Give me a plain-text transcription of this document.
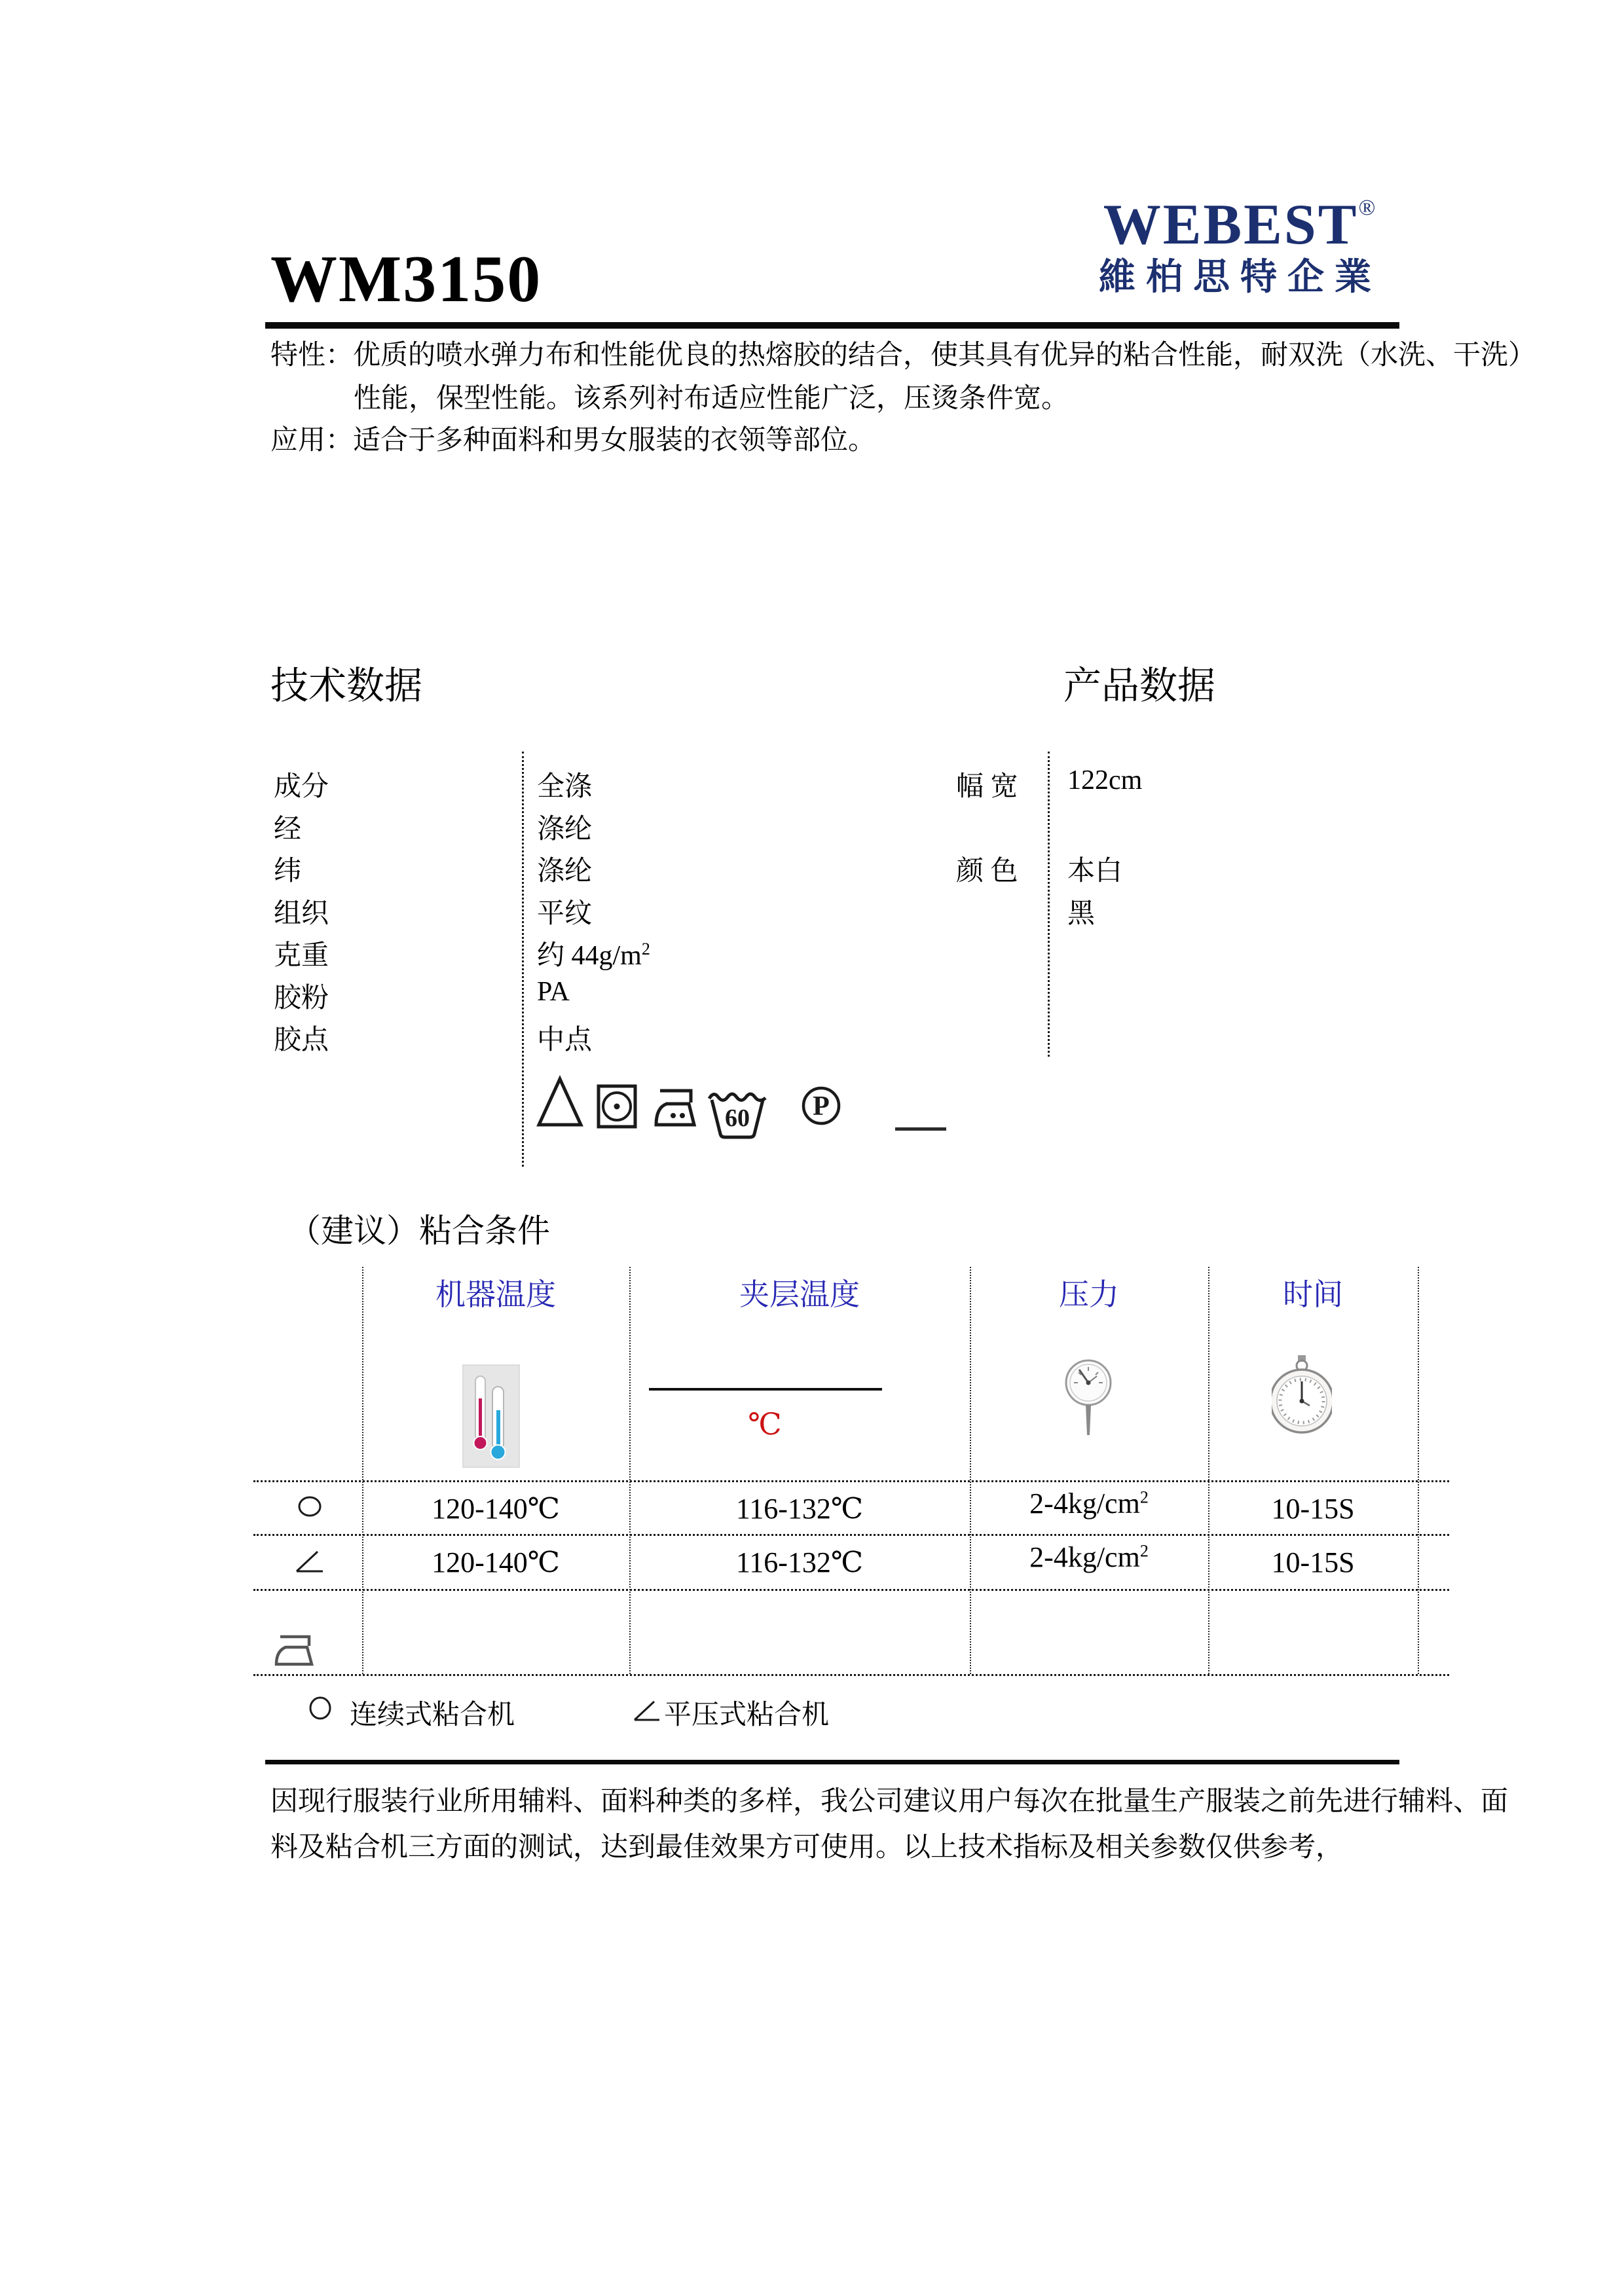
WM3150
WEBEST®
維柏思特企業
特性：优质的喷水弹力布和性能优良的热熔胶的结合，使其具有优异的粘合性能，耐双洗（水洗、干洗）
性能，保型性能。该系列衬布适应性能广泛，压烫条件宽。
应用：适合于多种面料和男女服装的衣领等部位。
技术数据	产品数据
成分	全涤
经	涤纶
纬	涤纶
组织	平纹
克重	约 $44g/m^2$
胶粉	PA
胶点	中点
幅 宽 122cm
颜 色 本白
黑
60 P
（建议）粘合条件
机器温度	夹层温度	压力	时间
℃
120-140℃	116-132℃	$2-4kg/cm^2$	10-15S
120-140℃	116-132℃	$2-4kg/cm^2$	10-15S
连续式粘合机	平压式粘合机
因现行服装行业所用辅料、面料种类的多样，我公司建议用户每次在批量生产服装之前先进行辅料、面
料及粘合机三方面的测试，达到最佳效果方可使用。以上技术指标及相关参数仅供参考，
